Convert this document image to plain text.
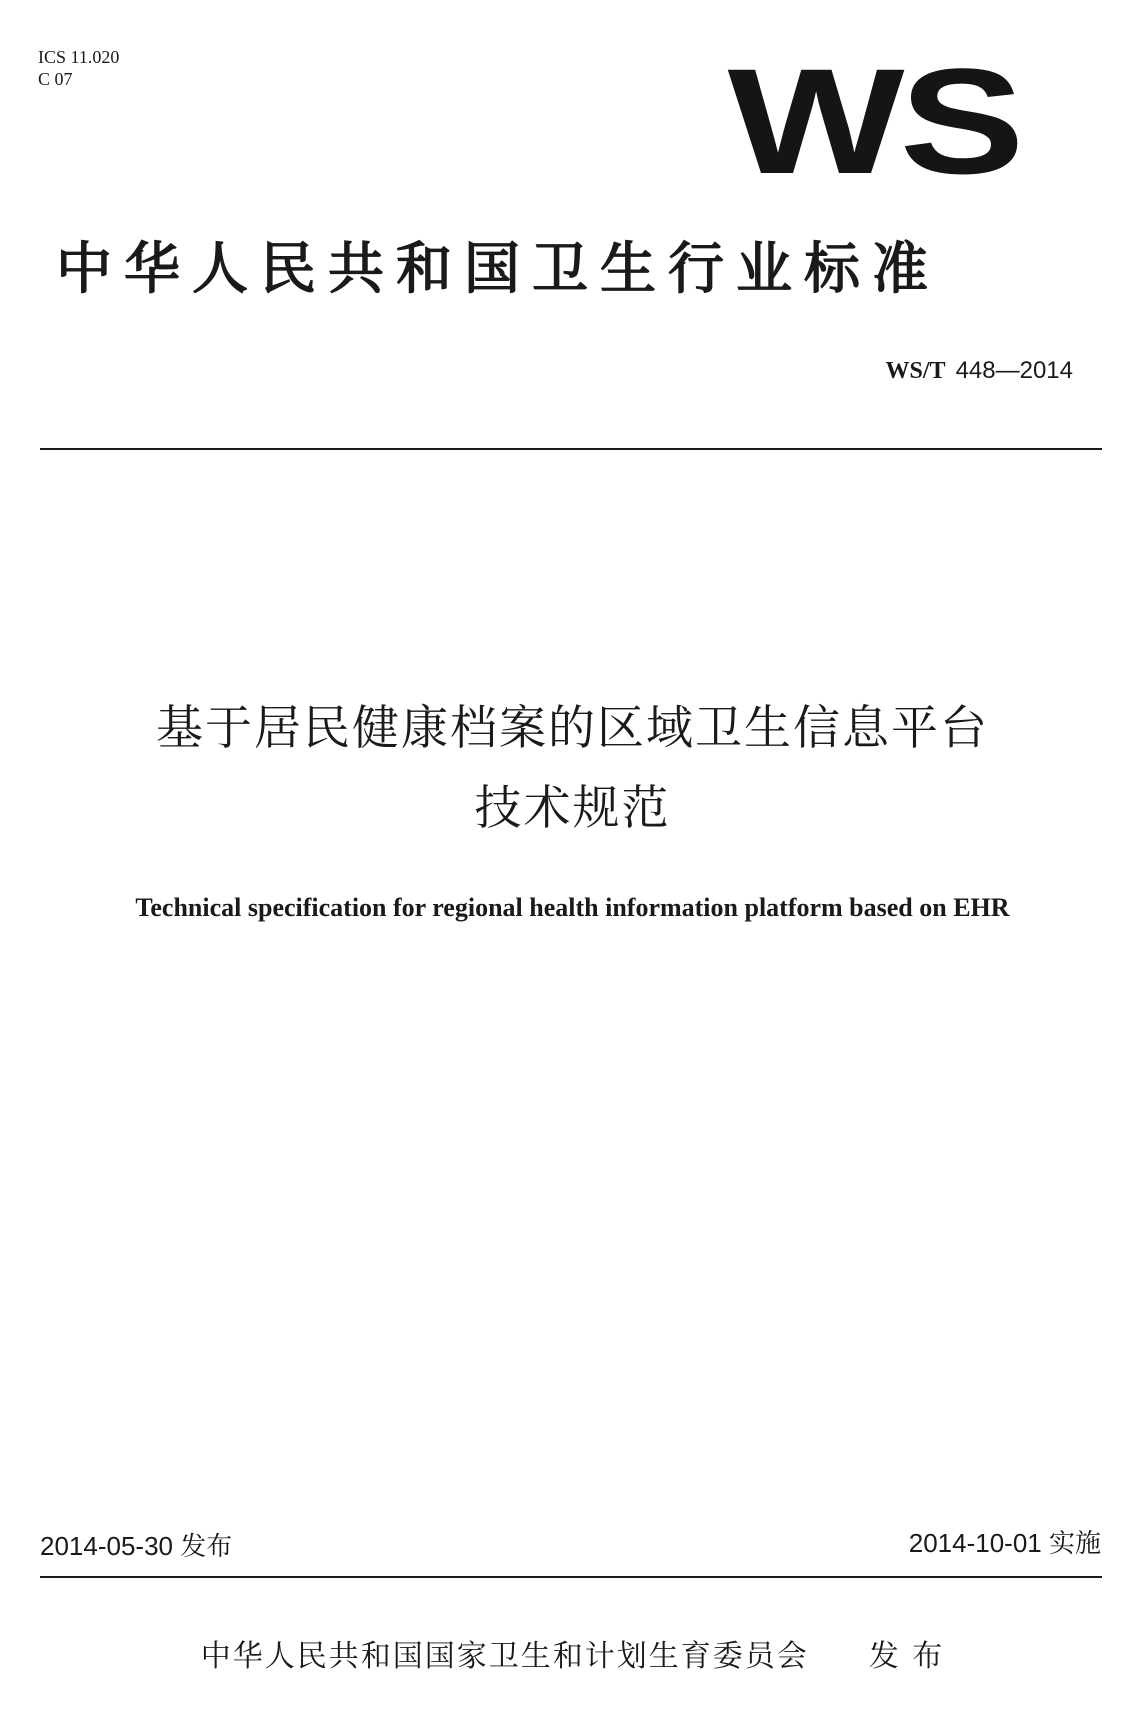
ICS 11.020
C 07	WS
中华人民共和国卫生行业标准
WS/T 448—2014
基于居民健康档案的区域卫生信息平台
技术规范
Technical specification for regional health information platform based on EHR
2014-05-30 发布	2014-10-01 实施
中华人民共和国国家卫生和计划生育委员会 发 布
